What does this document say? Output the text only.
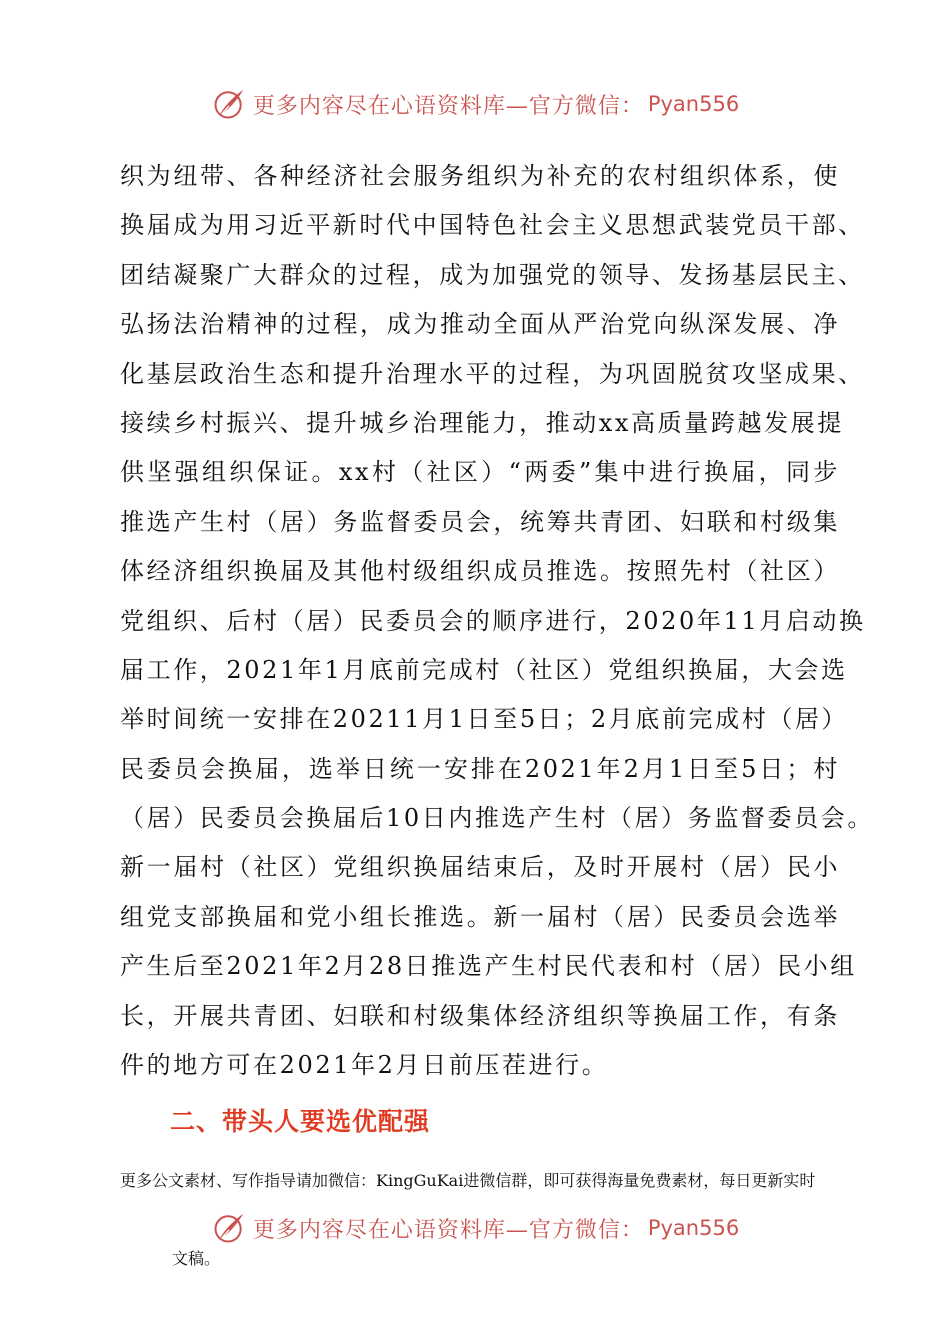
更多内容尽在心语资料库—官方微信： Pyan556
织为纽带、各种经济社会服务组织为补充的农村组织体系，使
换届成为用习近平新时代中国特色社会主义思想武装党员干部、
团结凝聚广大群众的过程，成为加强党的领导、发扬基层民主、
弘扬法治精神的过程，成为推动全面从严治党向纵深发展、净
化基层政治生态和提升治理水平的过程，为巩固脱贫攻坚成果、
接续乡村振兴、提升城乡治理能力，推动xx高质量跨越发展提
供坚强组织保证。xx村（社区）“两委”集中进行换届，同步
推选产生村（居）务监督委员会，统筹共青团、妇联和村级集
体经济组织换届及其他村级组织成员推选。按照先村（社区）
党组织、后村（居）民委员会的顺序进行，2020年11月启动换
届工作，2021年1月底前完成村（社区）党组织换届，大会选
举时间统一安排在20211月1日至5日；2月底前完成村（居）
民委员会换届，选举日统一安排在2021年2月1日至5日；村
（居）民委员会换届后10日内推选产生村（居）务监督委员会。
新一届村（社区）党组织换届结束后，及时开展村（居）民小
组党支部换届和党小组长推选。新一届村（居）民委员会选举
产生后至2021年2月28日推选产生村民代表和村（居）民小组
长，开展共青团、妇联和村级集体经济组织等换届工作，有条
件的地方可在2021年2月日前压茬进行。
二、带头人要选优配强
更多公文素材、写作指导请加微信：KingGuKai进微信群，即可获得海量免费素材，每日更新实时
更多内容尽在心语资料库—官方微信： Pyan556
文稿。
